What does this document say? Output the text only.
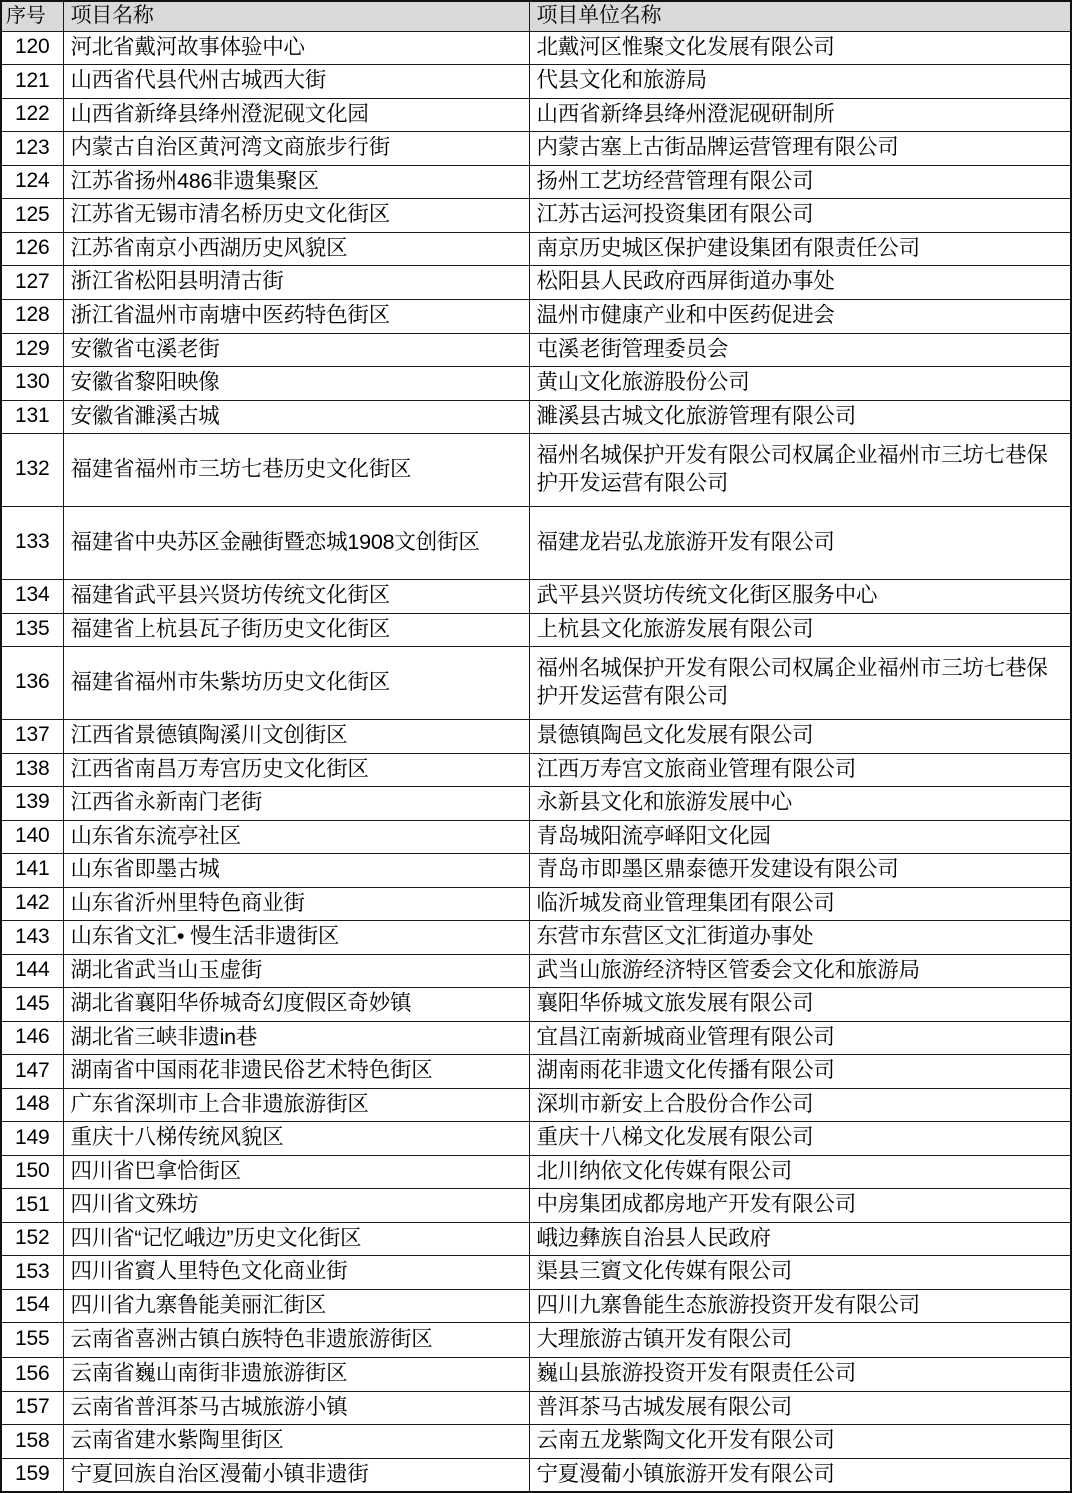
序号	项目名称	项目单位名称
120	河北省戴河故事体验中心	北戴河区惟聚文化发展有限公司
121	山西省代县代州古城西大街	代县文化和旅游局
122	山西省新绛县绛州澄泥砚文化园	山西省新绛县绛州澄泥砚研制所
123	内蒙古自治区黄河湾文商旅步行街	内蒙古塞上古街品牌运营管理有限公司
124	江苏省扬州486非遗集聚区	扬州工艺坊经营管理有限公司
125	江苏省无锡市清名桥历史文化街区	江苏古运河投资集团有限公司
126	江苏省南京小西湖历史风貌区	南京历史城区保护建设集团有限责任公司
127	浙江省松阳县明清古街	松阳县人民政府西屏街道办事处
128	浙江省温州市南塘中医药特色街区	温州市健康产业和中医药促进会
129	安徽省屯溪老街	屯溪老街管理委员会
130	安徽省黎阳映像	黄山文化旅游股份公司
131	安徽省濉溪古城	濉溪县古城文化旅游管理有限公司
132	福建省福州市三坊七巷历史文化街区	福州名城保护开发有限公司权属企业福州市三坊七巷保护开发运营有限公司
133	福建省中央苏区金融街暨恋城1908文创街区	福建龙岩弘龙旅游开发有限公司
134	福建省武平县兴贤坊传统文化街区	武平县兴贤坊传统文化街区服务中心
135	福建省上杭县瓦子街历史文化街区	上杭县文化旅游发展有限公司
136	福建省福州市朱紫坊历史文化街区	福州名城保护开发有限公司权属企业福州市三坊七巷保护开发运营有限公司
137	江西省景德镇陶溪川文创街区	景德镇陶邑文化发展有限公司
138	江西省南昌万寿宫历史文化街区	江西万寿宫文旅商业管理有限公司
139	江西省永新南门老街	永新县文化和旅游发展中心
140	山东省东流亭社区	青岛城阳流亭峄阳文化园
141	山东省即墨古城	青岛市即墨区鼎泰德开发建设有限公司
142	山东省沂州里特色商业街	临沂城发商业管理集团有限公司
143	山东省文汇• 慢生活非遗街区	东营市东营区文汇街道办事处
144	湖北省武当山玉虚街	武当山旅游经济特区管委会文化和旅游局
145	湖北省襄阳华侨城奇幻度假区奇妙镇	襄阳华侨城文旅发展有限公司
146	湖北省三峡非遗in巷	宜昌江南新城商业管理有限公司
147	湖南省中国雨花非遗民俗艺术特色街区	湖南雨花非遗文化传播有限公司
148	广东省深圳市上合非遗旅游街区	深圳市新安上合股份合作公司
149	重庆十八梯传统风貌区	重庆十八梯文化发展有限公司
150	四川省巴拿恰街区	北川纳依文化传媒有限公司
151	四川省文殊坊	中房集团成都房地产开发有限公司
152	四川省“记忆峨边”历史文化街区	峨边彝族自治县人民政府
153	四川省賨人里特色文化商业街	渠县三賨文化传媒有限公司
154	四川省九寨鲁能美丽汇街区	四川九寨鲁能生态旅游投资开发有限公司
155	云南省喜洲古镇白族特色非遗旅游街区	大理旅游古镇开发有限公司
156	云南省巍山南街非遗旅游街区	巍山县旅游投资开发有限责任公司
157	云南省普洱茶马古城旅游小镇	普洱茶马古城发展有限公司
158	云南省建水紫陶里街区	云南五龙紫陶文化开发有限公司
159	宁夏回族自治区漫葡小镇非遗街	宁夏漫葡小镇旅游开发有限公司
